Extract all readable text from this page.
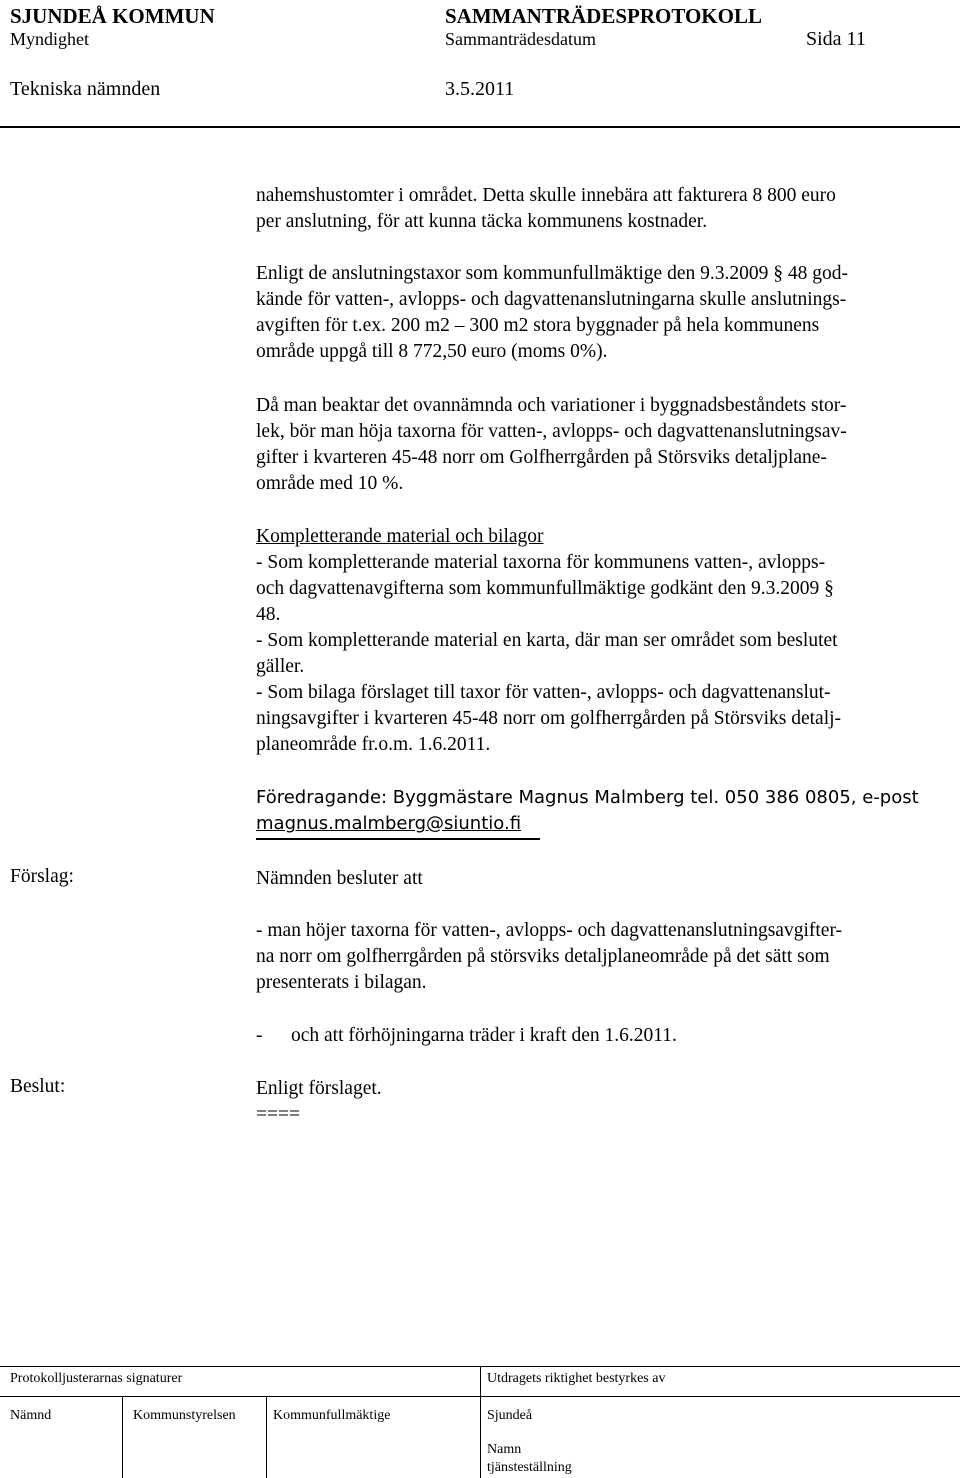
SJUNDEÅ KOMMUN	SAMMANTRÄDESPROTOKOLL
Myndighet	Sammanträdesdatum	Sida 11
Tekniska nämnden	3.5.2011
nahemshustomter i området. Detta skulle innebära att fakturera 8 800 euro
per anslutning, för att kunna täcka kommunens kostnader.
Enligt de anslutningstaxor som kommunfullmäktige den 9.3.2009 § 48 god-
kände för vatten-, avlopps- och dagvattenanslutningarna skulle anslutnings-
avgiften för t.ex. 200 m2 – 300 m2 stora byggnader på hela kommunens
område uppgå till 8 772,50 euro (moms 0%).
Då man beaktar det ovannämnda och variationer i byggnadsbeståndets stor-
lek, bör man höja taxorna för vatten-, avlopps- och dagvattenanslutningsav-
gifter i kvarteren 45-48 norr om Golfherrgården på Störsviks detaljplane-
område med 10 %.
Kompletterande material och bilagor
- Som kompletterande material taxorna för kommunens vatten-, avlopps-
och dagvattenavgifterna som kommunfullmäktige godkänt den 9.3.2009 §
48.
- Som kompletterande material en karta, där man ser området som beslutet
gäller.
- Som bilaga förslaget till taxor för vatten-, avlopps- och dagvattenanslut-
ningsavgifter i kvarteren 45-48 norr om golfherrgården på Störsviks detalj-
planeområde fr.o.m. 1.6.2011.
Föredragande: Byggmästare Magnus Malmberg tel. 050 386 0805, e-post
magnus.malmberg@siuntio.fi
Förslag:	Nämnden besluter att
- man höjer taxorna för vatten-, avlopps- och dagvattenanslutningsavgifter-
na norr om golfherrgården på störsviks detaljplaneområde på det sätt som
presenterats i bilagan.
- och att förhöjningarna träder i kraft den 1.6.2011.
Beslut:	Enligt förslaget.
====
Protokolljusterarnas signaturer	Utdragets riktighet bestyrkes av
Nämnd	Kommunstyrelsen	Kommunfullmäktige	Sjundeå
Namn
tjänsteställning
